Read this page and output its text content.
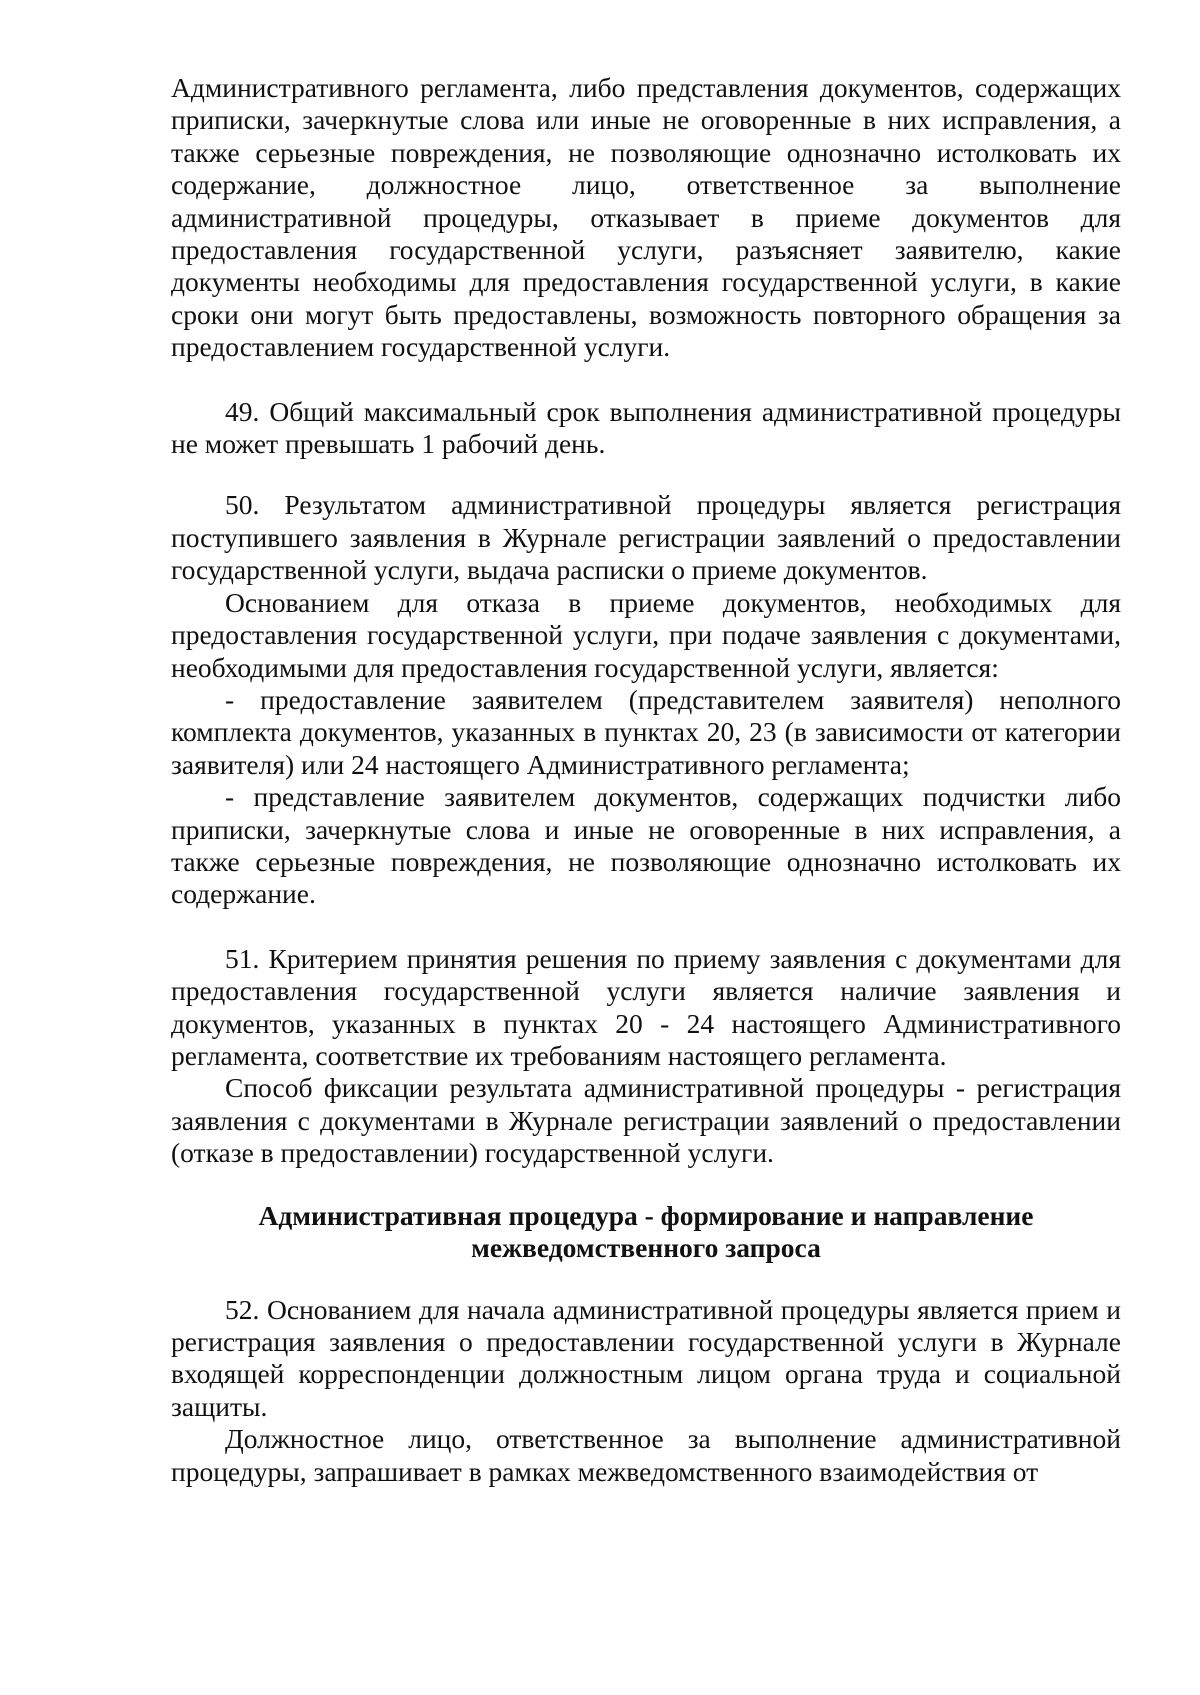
Административного регламента, либо представления документов, содержащих приписки, зачеркнутые слова или иные не оговоренные в них исправления, а также серьезные повреждения, не позволяющие однозначно истолковать их содержание, должностное лицо, ответственное за выполнение административной процедуры, отказывает в приеме документов для предоставления государственной услуги, разъясняет заявителю, какие документы необходимы для предоставления государственной услуги, в какие сроки они могут быть предоставлены, возможность повторного обращения за предоставлением государственной услуги.

49. Общий максимальный срок выполнения административной процедуры не может превышать 1 рабочий день.

50. Результатом административной процедуры является регистрация поступившего заявления в Журнале регистрации заявлений о предоставлении государственной услуги, выдача расписки о приеме документов.

Основанием для отказа в приеме документов, необходимых для предоставления государственной услуги, при подаче заявления с документами, необходимыми для предоставления государственной услуги, является:

- предоставление заявителем (представителем заявителя) неполного комплекта документов, указанных в пунктах 20, 23 (в зависимости от категории заявителя) или 24 настоящего Административного регламента;

- представление заявителем документов, содержащих подчистки либо приписки, зачеркнутые слова и иные не оговоренные в них исправления, а также серьезные повреждения, не позволяющие однозначно истолковать их содержание.

51. Критерием принятия решения по приему заявления с документами для предоставления государственной услуги является наличие заявления и документов, указанных в пунктах 20 - 24 настоящего Административного регламента, соответствие их требованиям настоящего регламента.

Способ фиксации результата административной процедуры - регистрация заявления с документами в Журнале регистрации заявлений о предоставлении (отказе в предоставлении) государственной услуги.

Административная процедура - формирование и направление межведомственного запроса

52. Основанием для начала административной процедуры является прием и регистрация заявления о предоставлении государственной услуги в Журнале входящей корреспонденции должностным лицом органа труда и социальной защиты.

Должностное лицо, ответственное за выполнение административной процедуры, запрашивает в рамках межведомственного взаимодействия от
